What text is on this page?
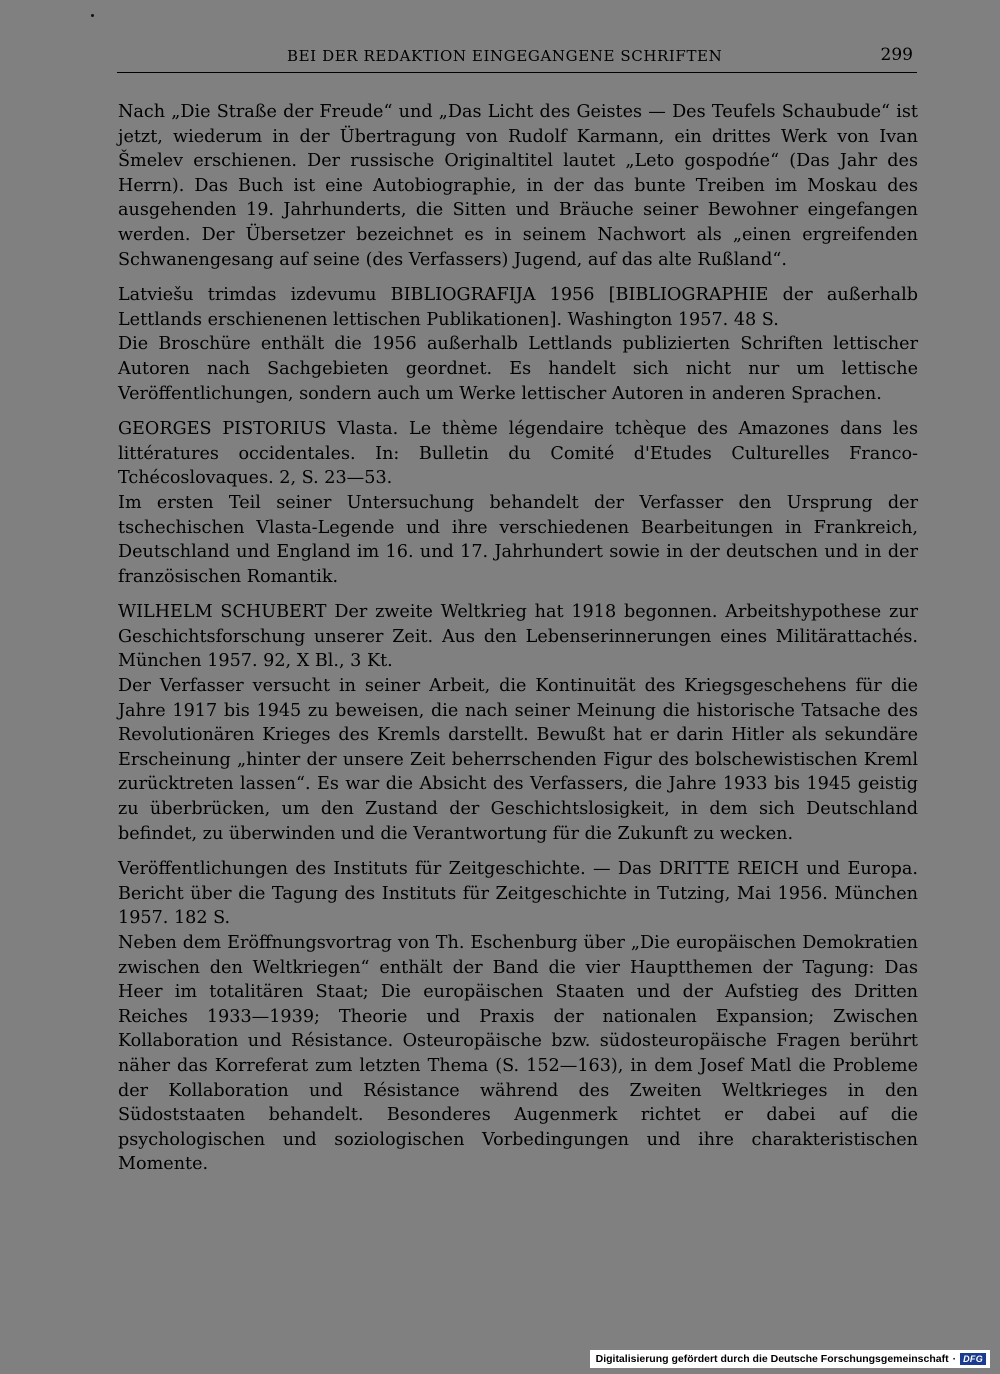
BEI DER REDAKTION EINGEGANGENE SCHRIFTEN	299

Nach „Die Straße der Freude“ und „Das Licht des Geistes — Des Teufels Schaubude“ ist jetzt, wiederum in der Übertragung von Rudolf Karmann, ein drittes Werk von Ivan Šmelev erschienen. Der russische Originaltitel lautet „Leto gospodńe“ (Das Jahr des Herrn). Das Buch ist eine Autobiographie, in der das bunte Treiben im Moskau des ausgehenden 19. Jahrhunderts, die Sitten und Bräuche seiner Bewohner eingefangen werden. Der Übersetzer bezeichnet es in seinem Nachwort als „einen ergreifenden Schwanengesang auf seine (des Verfassers) Jugend, auf das alte Rußland“.

Latviešu trimdas izdevumu BIBLIOGRAFIJA 1956 [BIBLIOGRAPHIE der außerhalb Lettlands erschienenen lettischen Publikationen]. Washington 1957. 48 S.

Die Broschüre enthält die 1956 außerhalb Lettlands publizierten Schriften lettischer Autoren nach Sachgebieten geordnet. Es handelt sich nicht nur um lettische Veröffentlichungen, sondern auch um Werke lettischer Autoren in anderen Sprachen.

GEORGES PISTORIUS Vlasta. Le thème légendaire tchèque des Amazones dans les littératures occidentales. In: Bulletin du Comité d'Etudes Culturelles Franco-Tchécoslovaques. 2, S. 23—53.

Im ersten Teil seiner Untersuchung behandelt der Verfasser den Ursprung der tschechischen Vlasta-Legende und ihre verschiedenen Bearbeitungen in Frankreich, Deutschland und England im 16. und 17. Jahrhundert sowie in der deutschen und in der französischen Romantik.

WILHELM SCHUBERT Der zweite Weltkrieg hat 1918 begonnen. Arbeitshypothese zur Geschichtsforschung unserer Zeit. Aus den Lebenserinnerungen eines Militärattachés. München 1957. 92, X Bl., 3 Kt.

Der Verfasser versucht in seiner Arbeit, die Kontinuität des Kriegsgeschehens für die Jahre 1917 bis 1945 zu beweisen, die nach seiner Meinung die historische Tatsache des Revolutionären Krieges des Kremls darstellt. Bewußt hat er darin Hitler als sekundäre Erscheinung „hinter der unsere Zeit beherrschenden Figur des bolschewistischen Kreml zurücktreten lassen“. Es war die Absicht des Verfassers, die Jahre 1933 bis 1945 geistig zu überbrücken, um den Zustand der Geschichtslosigkeit, in dem sich Deutschland befindet, zu überwinden und die Verantwortung für die Zukunft zu wecken.

Veröffentlichungen des Instituts für Zeitgeschichte. — Das DRITTE REICH und Europa. Bericht über die Tagung des Instituts für Zeitgeschichte in Tutzing, Mai 1956. München 1957. 182 S.

Neben dem Eröffnungsvortrag von Th. Eschenburg über „Die europäischen Demokratien zwischen den Weltkriegen“ enthält der Band die vier Hauptthemen der Tagung: Das Heer im totalitären Staat; Die europäischen Staaten und der Aufstieg des Dritten Reiches 1933—1939; Theorie und Praxis der nationalen Expansion; Zwischen Kollaboration und Résistance. Osteuropäische bzw. südosteuropäische Fragen berührt näher das Korreferat zum letzten Thema (S. 152—163), in dem Josef Matl die Probleme der Kollaboration und Résistance während des Zweiten Weltkrieges in den Südoststaaten behandelt. Besonderes Augenmerk richtet er dabei auf die psychologischen und soziologischen Vorbedingungen und ihre charakteristischen Momente.

Digitalisierung gefördert durch die Deutsche Forschungsgemeinschaft · DFG
